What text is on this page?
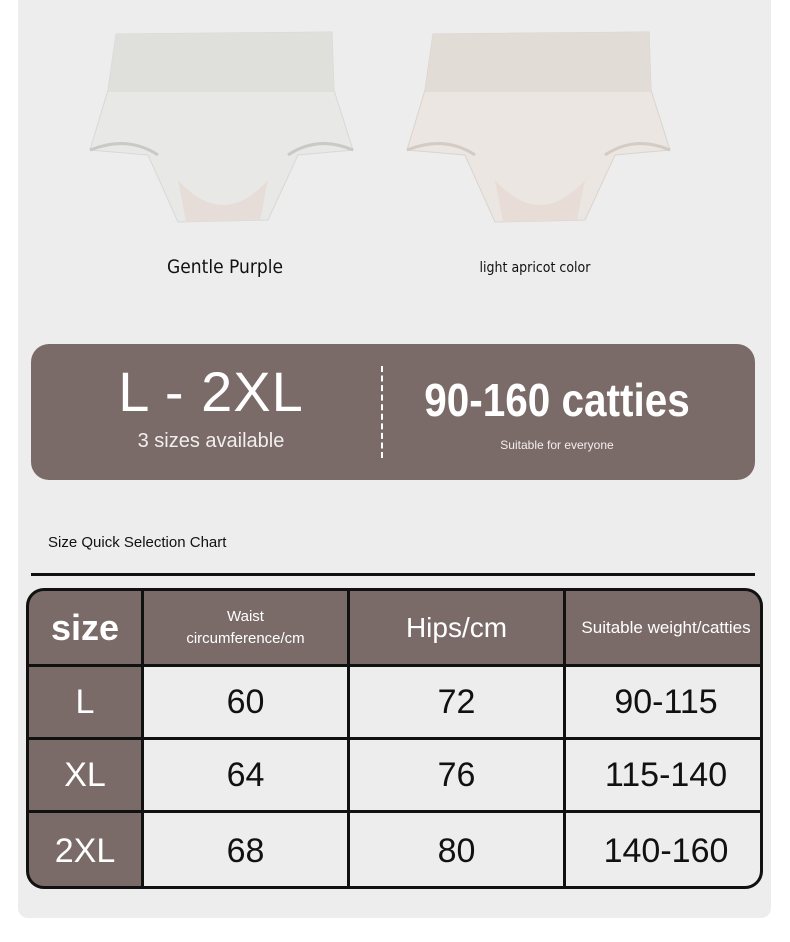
Gentle Purple	light apricot color
L - 2XL
3 sizes available
90-160 catties
Suitable for everyone
Size Quick Selection Chart
size	Waist circumference/cm	Hips/cm	Suitable weight/catties
L	60	72	90-115
XL	64	76	115-140
2XL	68	80	140-160
